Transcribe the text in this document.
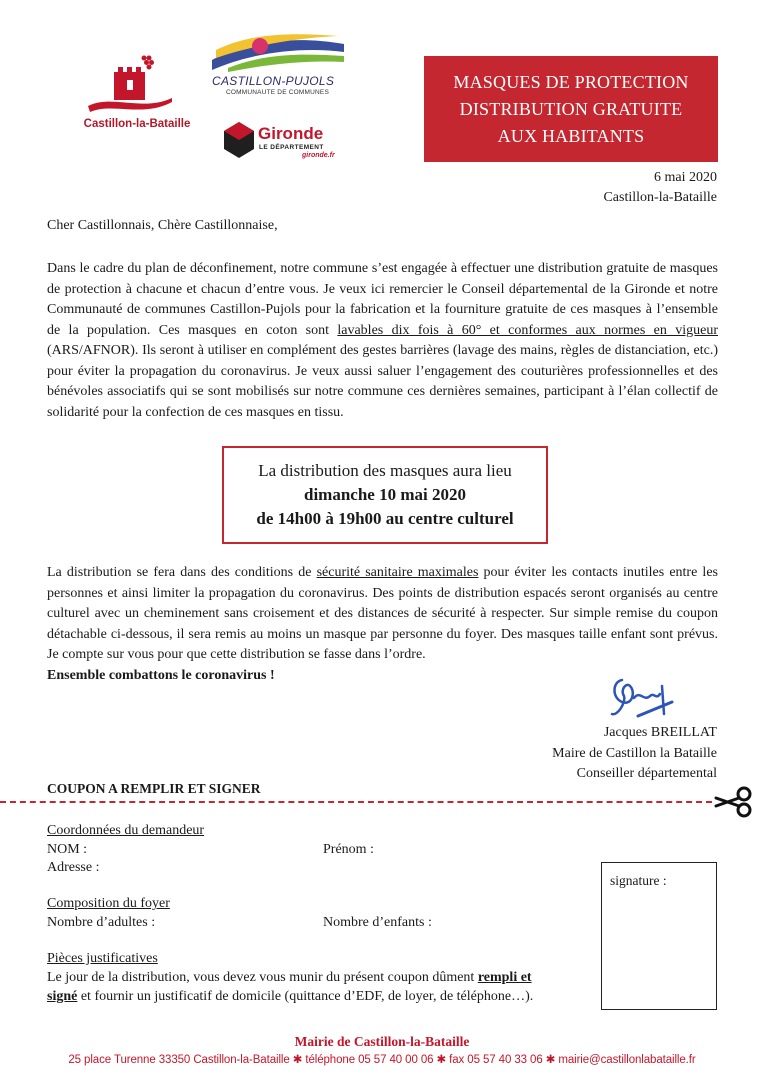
Castillon-la-Bataille
CASTILLON-PUJOLS
COMMUNAUTE DE COMMUNES
Gironde
LE DÉPARTEMENT
gironde.fr
MASQUES DE PROTECTION
DISTRIBUTION GRATUITE
AUX HABITANTS
6 mai 2020
Castillon-la-Bataille
Cher Castillonnais, Chère Castillonnaise,
Dans le cadre du plan de déconfinement, notre commune s’est engagée à effectuer une distribution gratuite de masques de protection à chacune et chacun d’entre vous. Je veux ici remercier le Conseil départemental de la Gironde et notre Communauté de communes Castillon-Pujols pour la fabrication et la fourniture gratuite de ces masques à l’ensemble de la population. Ces masques en coton sont lavables dix fois à 60° et conformes aux normes en vigueur (ARS/AFNOR). Ils seront à utiliser en complément des gestes barrières (lavage des mains, règles de distanciation, etc.) pour éviter la propagation du coronavirus. Je veux aussi saluer l’engagement des couturières professionnelles et des bénévoles associatifs qui se sont mobilisés sur notre commune ces dernières semaines, participant à l’élan collectif de solidarité pour la confection de ces masques en tissu.
La distribution des masques aura lieu
dimanche 10 mai 2020
de 14h00 à 19h00 au centre culturel
La distribution se fera dans des conditions de sécurité sanitaire maximales pour éviter les contacts inutiles entre les personnes et ainsi limiter la propagation du coronavirus. Des points de distribution espacés seront organisés au centre culturel avec un cheminement sans croisement et des distances de sécurité à respecter. Sur simple remise du coupon détachable ci-dessous, il sera remis au moins un masque par personne du foyer. Des masques taille enfant sont prévus. Je compte sur vous pour que cette distribution se fasse dans l’ordre.
Ensemble combattons le coronavirus !
Jacques BREILLAT
Maire de Castillon la Bataille
Conseiller départemental
COUPON A REMPLIR ET SIGNER
Coordonnées du demandeur
NOM :	Prénom :
Adresse :
Composition du foyer
Nombre d’adultes :	Nombre d’enfants :
Pièces justificatives
Le jour de la distribution, vous devez vous munir du présent coupon dûment rempli et
signé et fournir un justificatif de domicile (quittance d’EDF, de loyer, de téléphone…).
signature :
Mairie de Castillon-la-Bataille
25 place Turenne 33350 Castillon-la-Bataille ✱ téléphone 05 57 40 00 06 ✱ fax 05 57 40 33 06 ✱ mairie@castillonlabataille.fr
